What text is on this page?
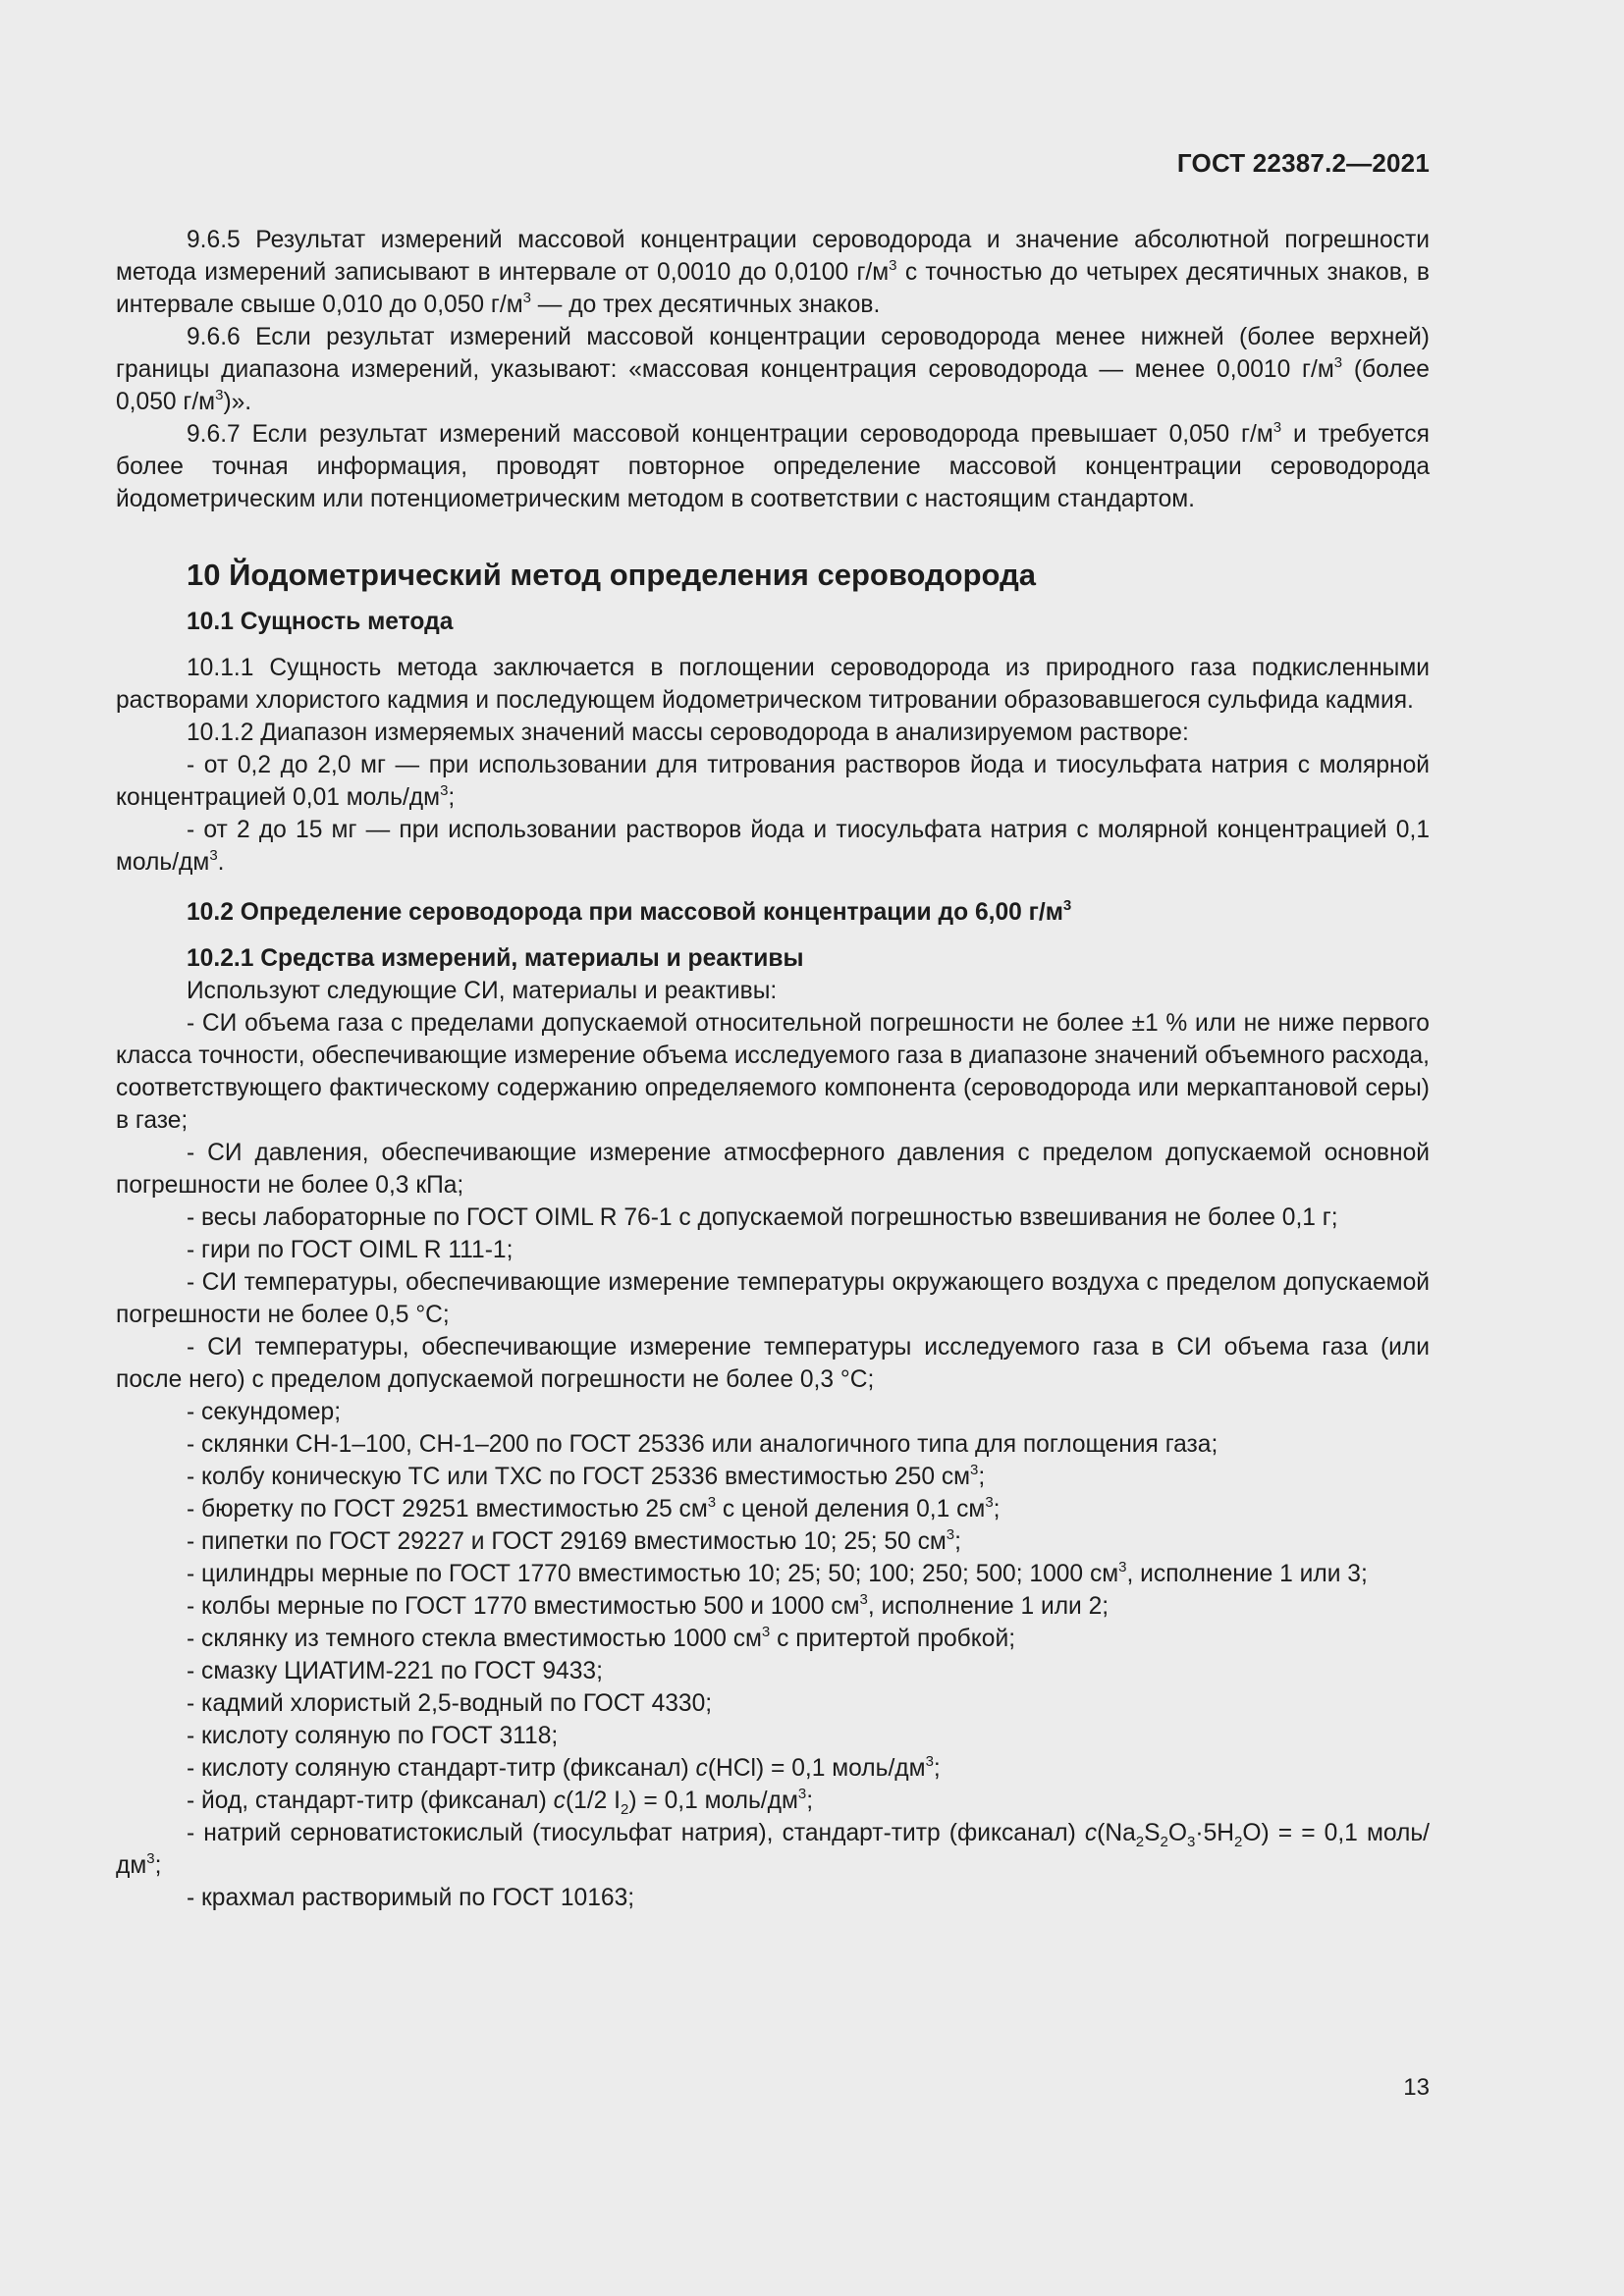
ГОСТ 22387.2—2021

9.6.5 Результат измерений массовой концентрации сероводорода и значение абсолютной погрешности метода измерений записывают в интервале от 0,0010 до 0,0100 $г/м^3$ с точностью до четырех десятичных знаков, в интервале свыше 0,010 до 0,050 $г/м^3$ — до трех десятичных знаков.

9.6.6 Если результат измерений массовой концентрации сероводорода менее нижней (более верхней) границы диапазона измерений, указывают: «массовая концентрация сероводорода — менее 0,0010 $г/м^3$ (более 0,050 $г/м^3$)».

9.6.7 Если результат измерений массовой концентрации сероводорода превышает 0,050 $г/м^3$ и требуется более точная информация, проводят повторное определение массовой концентрации сероводорода йодометрическим или потенциометрическим методом в соответствии с настоящим стандартом.

10 Йодометрический метод определения сероводорода
10.1 Сущность метода

10.1.1 Сущность метода заключается в поглощении сероводорода из природного газа подкисленными растворами хлористого кадмия и последующем йодометрическом титровании образовавшегося сульфида кадмия.

10.1.2 Диапазон измеряемых значений массы сероводорода в анализируемом растворе:

- от 0,2 до 2,0 мг — при использовании для титрования растворов йода и тиосульфата натрия с молярной концентрацией 0,01 моль/$дм^3$;

- от 2 до 15 мг — при использовании растворов йода и тиосульфата натрия с молярной концентрацией 0,1 моль/$дм^3$.

10.2 Определение сероводорода при массовой концентрации до 6,00 $г/м^3$
10.2.1 Средства измерений, материалы и реактивы

Используют следующие СИ, материалы и реактивы:

- СИ объема газа с пределами допускаемой относительной погрешности не более ±1 % или не ниже первого класса точности, обеспечивающие измерение объема исследуемого газа в диапазоне значений объемного расхода, соответствующего фактическому содержанию определяемого компонента (сероводорода или меркаптановой серы) в газе;

- СИ давления, обеспечивающие измерение атмосферного давления с пределом допускаемой основной погрешности не более 0,3 кПа;

- весы лабораторные по ГОСТ OIML R 76-1 с допускаемой погрешностью взвешивания не более 0,1 г;

- гири по ГОСТ OIML R 111-1;

- СИ температуры, обеспечивающие измерение температуры окружающего воздуха с пределом допускаемой погрешности не более 0,5 °С;

- СИ температуры, обеспечивающие измерение температуры исследуемого газа в СИ объема газа (или после него) с пределом допускаемой погрешности не более 0,3 °С;

- секундомер;

- склянки СН-1–100, СН-1–200 по ГОСТ 25336 или аналогичного типа для поглощения газа;

- колбу коническую ТС или ТХС по ГОСТ 25336 вместимостью 250 $см^3$;

- бюретку по ГОСТ 29251 вместимостью 25 $см^3$ с ценой деления 0,1 $см^3$;

- пипетки по ГОСТ 29227 и ГОСТ 29169 вместимостью 10; 25; 50 $см^3$;

- цилиндры мерные по ГОСТ 1770 вместимостью 10; 25; 50; 100; 250; 500; 1000 $см^3$, исполнение 1 или 3;

- колбы мерные по ГОСТ 1770 вместимостью 500 и 1000 $см^3$, исполнение 1 или 2;

- склянку из темного стекла вместимостью 1000 $см^3$ с притертой пробкой;

- смазку ЦИАТИМ-221 по ГОСТ 9433;

- кадмий хлористый 2,5-водный по ГОСТ 4330;

- кислоту соляную по ГОСТ 3118;

- кислоту соляную стандарт-титр (фиксанал) c(HCl) = 0,1 моль/$дм^3$;

- йод, стандарт-титр (фиксанал) c(1/2 $I_2) = 0,1$ моль/$дм^3$;

- натрий серноватистокислый (тиосульфат натрия), стандарт-титр (фиксанал) $c(Na_2S_2O_3\cdot 5H_2O)$ = = 0,1 моль/$дм^3$;

- крахмал растворимый по ГОСТ 10163;

13
